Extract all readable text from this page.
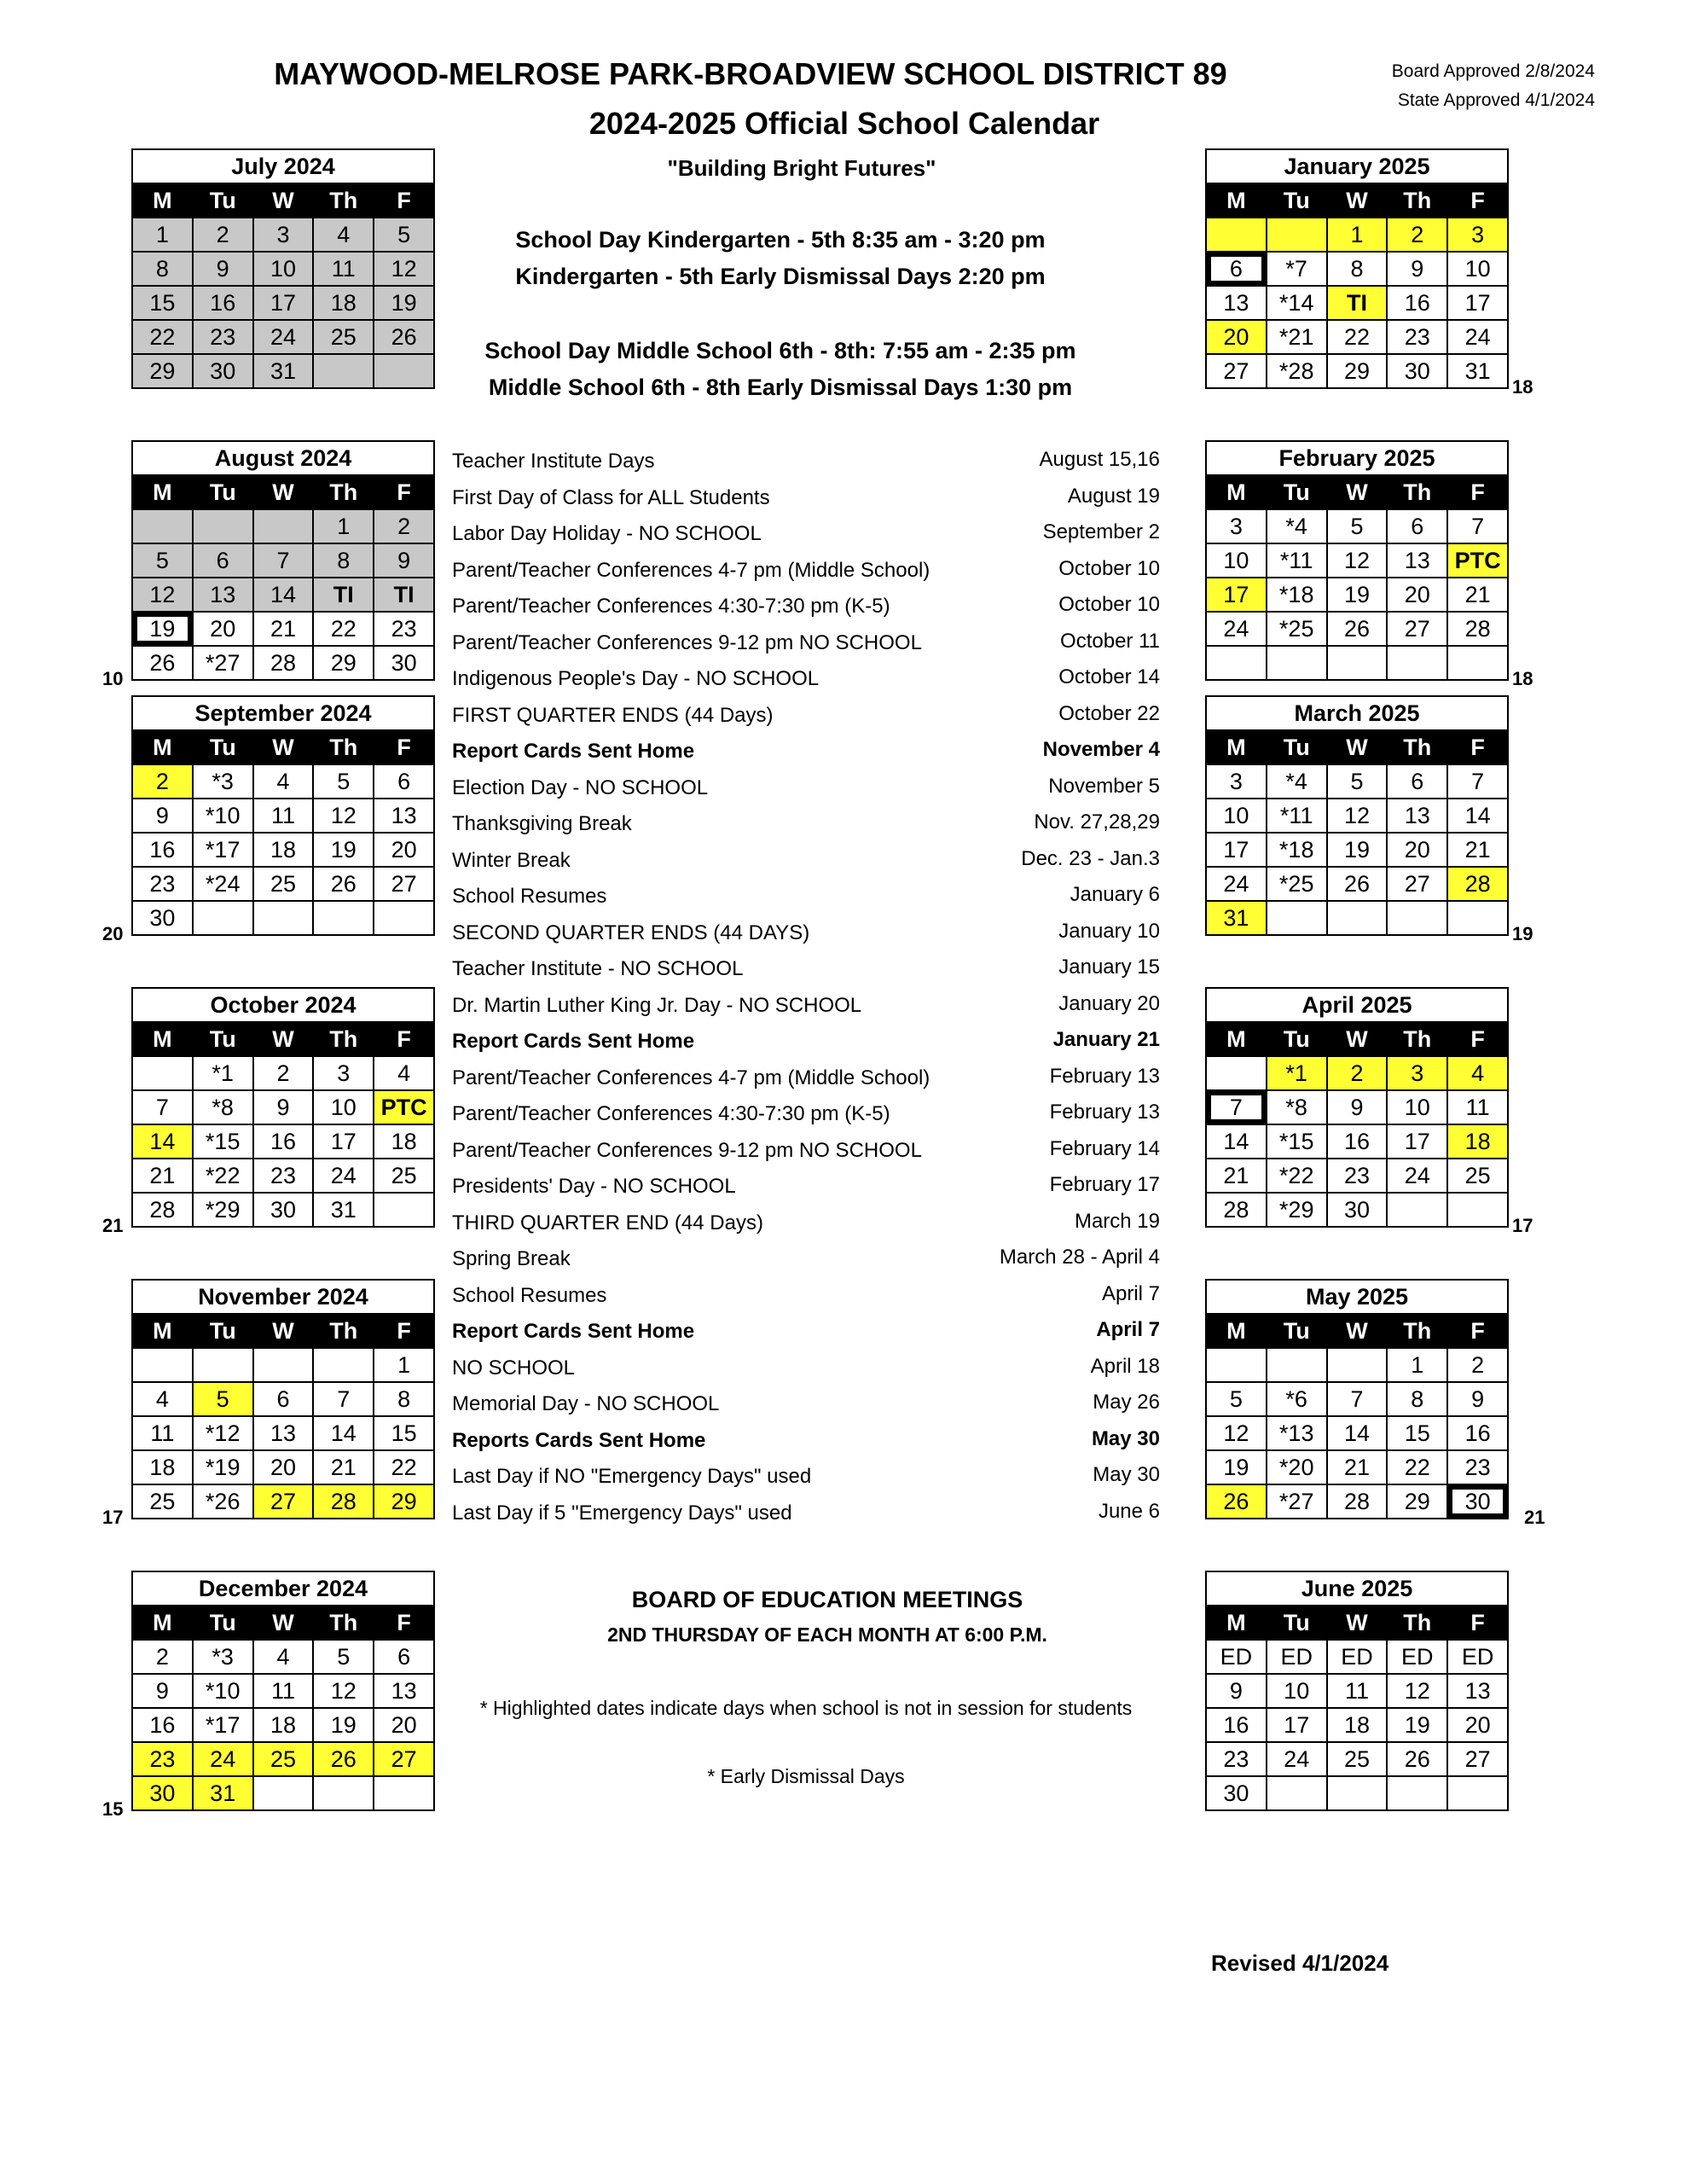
MAYWOOD-MELROSE PARK-BROADVIEW SCHOOL DISTRICT 89
2024-2025 Official School Calendar
Board Approved 2/8/2024
State Approved 4/1/2024
"Building Bright Futures"
School Day Kindergarten - 5th 8:35 am - 3:20 pm
Kindergarten - 5th Early Dismissal Days 2:20 pm
School Day Middle School 6th - 8th: 7:55 am - 2:35 pm
Middle School 6th - 8th Early Dismissal Days 1:30 pm
July 2024				
M	Tu	W	Th	F
1	2	3	4	5
8	9	10	11	12
15	16	17	18	19
22	23	24	25	26
29	30	31		
August 2024				
M	Tu	W	Th	F
			1	2
5	6	7	8	9
12	13	14	TI	TI
19	20	21	22	23
26	*27	28	29	30
10
September 2024				
M	Tu	W	Th	F
2	*3	4	5	6
9	*10	11	12	13
16	*17	18	19	20
23	*24	25	26	27
30				
20
October 2024				
M	Tu	W	Th	F
	*1	2	3	4
7	*8	9	10	PTC
14	*15	16	17	18
21	*22	23	24	25
28	*29	30	31	
21
November 2024				
M	Tu	W	Th	F
				1
4	5	6	7	8
11	*12	13	14	15
18	*19	20	21	22
25	*26	27	28	29
17
December 2024				
M	Tu	W	Th	F
2	*3	4	5	6
9	*10	11	12	13
16	*17	18	19	20
23	24	25	26	27
30	31			
15
January 2025				
M	Tu	W	Th	F
		1	2	3
6	*7	8	9	10
13	*14	TI	16	17
20	*21	22	23	24
27	*28	29	30	31
18
February 2025				
M	Tu	W	Th	F
3	*4	5	6	7
10	*11	12	13	PTC
17	*18	19	20	21
24	*25	26	27	28

18
March 2025				
M	Tu	W	Th	F
3	*4	5	6	7
10	*11	12	13	14
17	*18	19	20	21
24	*25	26	27	28
31				
19
April 2025				
M	Tu	W	Th	F
	*1	2	3	4
7	*8	9	10	11
14	*15	16	17	18
21	*22	23	24	25
28	*29	30		
17
May 2025				
M	Tu	W	Th	F
			1	2
5	*6	7	8	9
12	*13	14	15	16
19	*20	21	22	23
26	*27	28	29	30
21
June 2025				
M	Tu	W	Th	F
ED	ED	ED	ED	ED
9	10	11	12	13
16	17	18	19	20
23	24	25	26	27
30				
Teacher Institute Days	August 15,16
First Day of Class for ALL Students	August 19
Labor Day Holiday - NO SCHOOL	September 2
Parent/Teacher Conferences 4-7 pm (Middle School)	October 10
Parent/Teacher Conferences 4:30-7:30 pm (K-5)	October 10
Parent/Teacher Conferences 9-12 pm NO SCHOOL	October 11
Indigenous People's Day - NO SCHOOL	October 14
FIRST QUARTER ENDS (44 Days)	October 22
Report Cards Sent Home	November 4
Election Day - NO SCHOOL	November 5
Thanksgiving Break	Nov. 27,28,29
Winter Break	Dec. 23 - Jan.3
School Resumes	January 6
SECOND QUARTER ENDS (44 DAYS)	January 10
Teacher Institute - NO SCHOOL	January 15
Dr. Martin Luther King Jr. Day - NO SCHOOL	January 20
Report Cards Sent Home	January 21
Parent/Teacher Conferences 4-7 pm (Middle School)	February 13
Parent/Teacher Conferences 4:30-7:30 pm (K-5)	February 13
Parent/Teacher Conferences 9-12 pm NO SCHOOL	February 14
Presidents' Day - NO SCHOOL	February 17
THIRD QUARTER END (44 Days)	March 19
Spring Break	March 28 - April 4
School Resumes	April 7
Report Cards Sent Home	April 7
NO SCHOOL	April 18
Memorial Day - NO SCHOOL	May 26
Reports Cards Sent Home	May 30
Last Day if NO "Emergency Days" used	May 30
Last Day if 5 "Emergency Days" used	June 6
BOARD OF EDUCATION MEETINGS
2ND THURSDAY OF EACH MONTH AT 6:00 P.M.
* Highlighted dates indicate days when school is not in session for students
* Early Dismissal Days
Revised 4/1/2024
